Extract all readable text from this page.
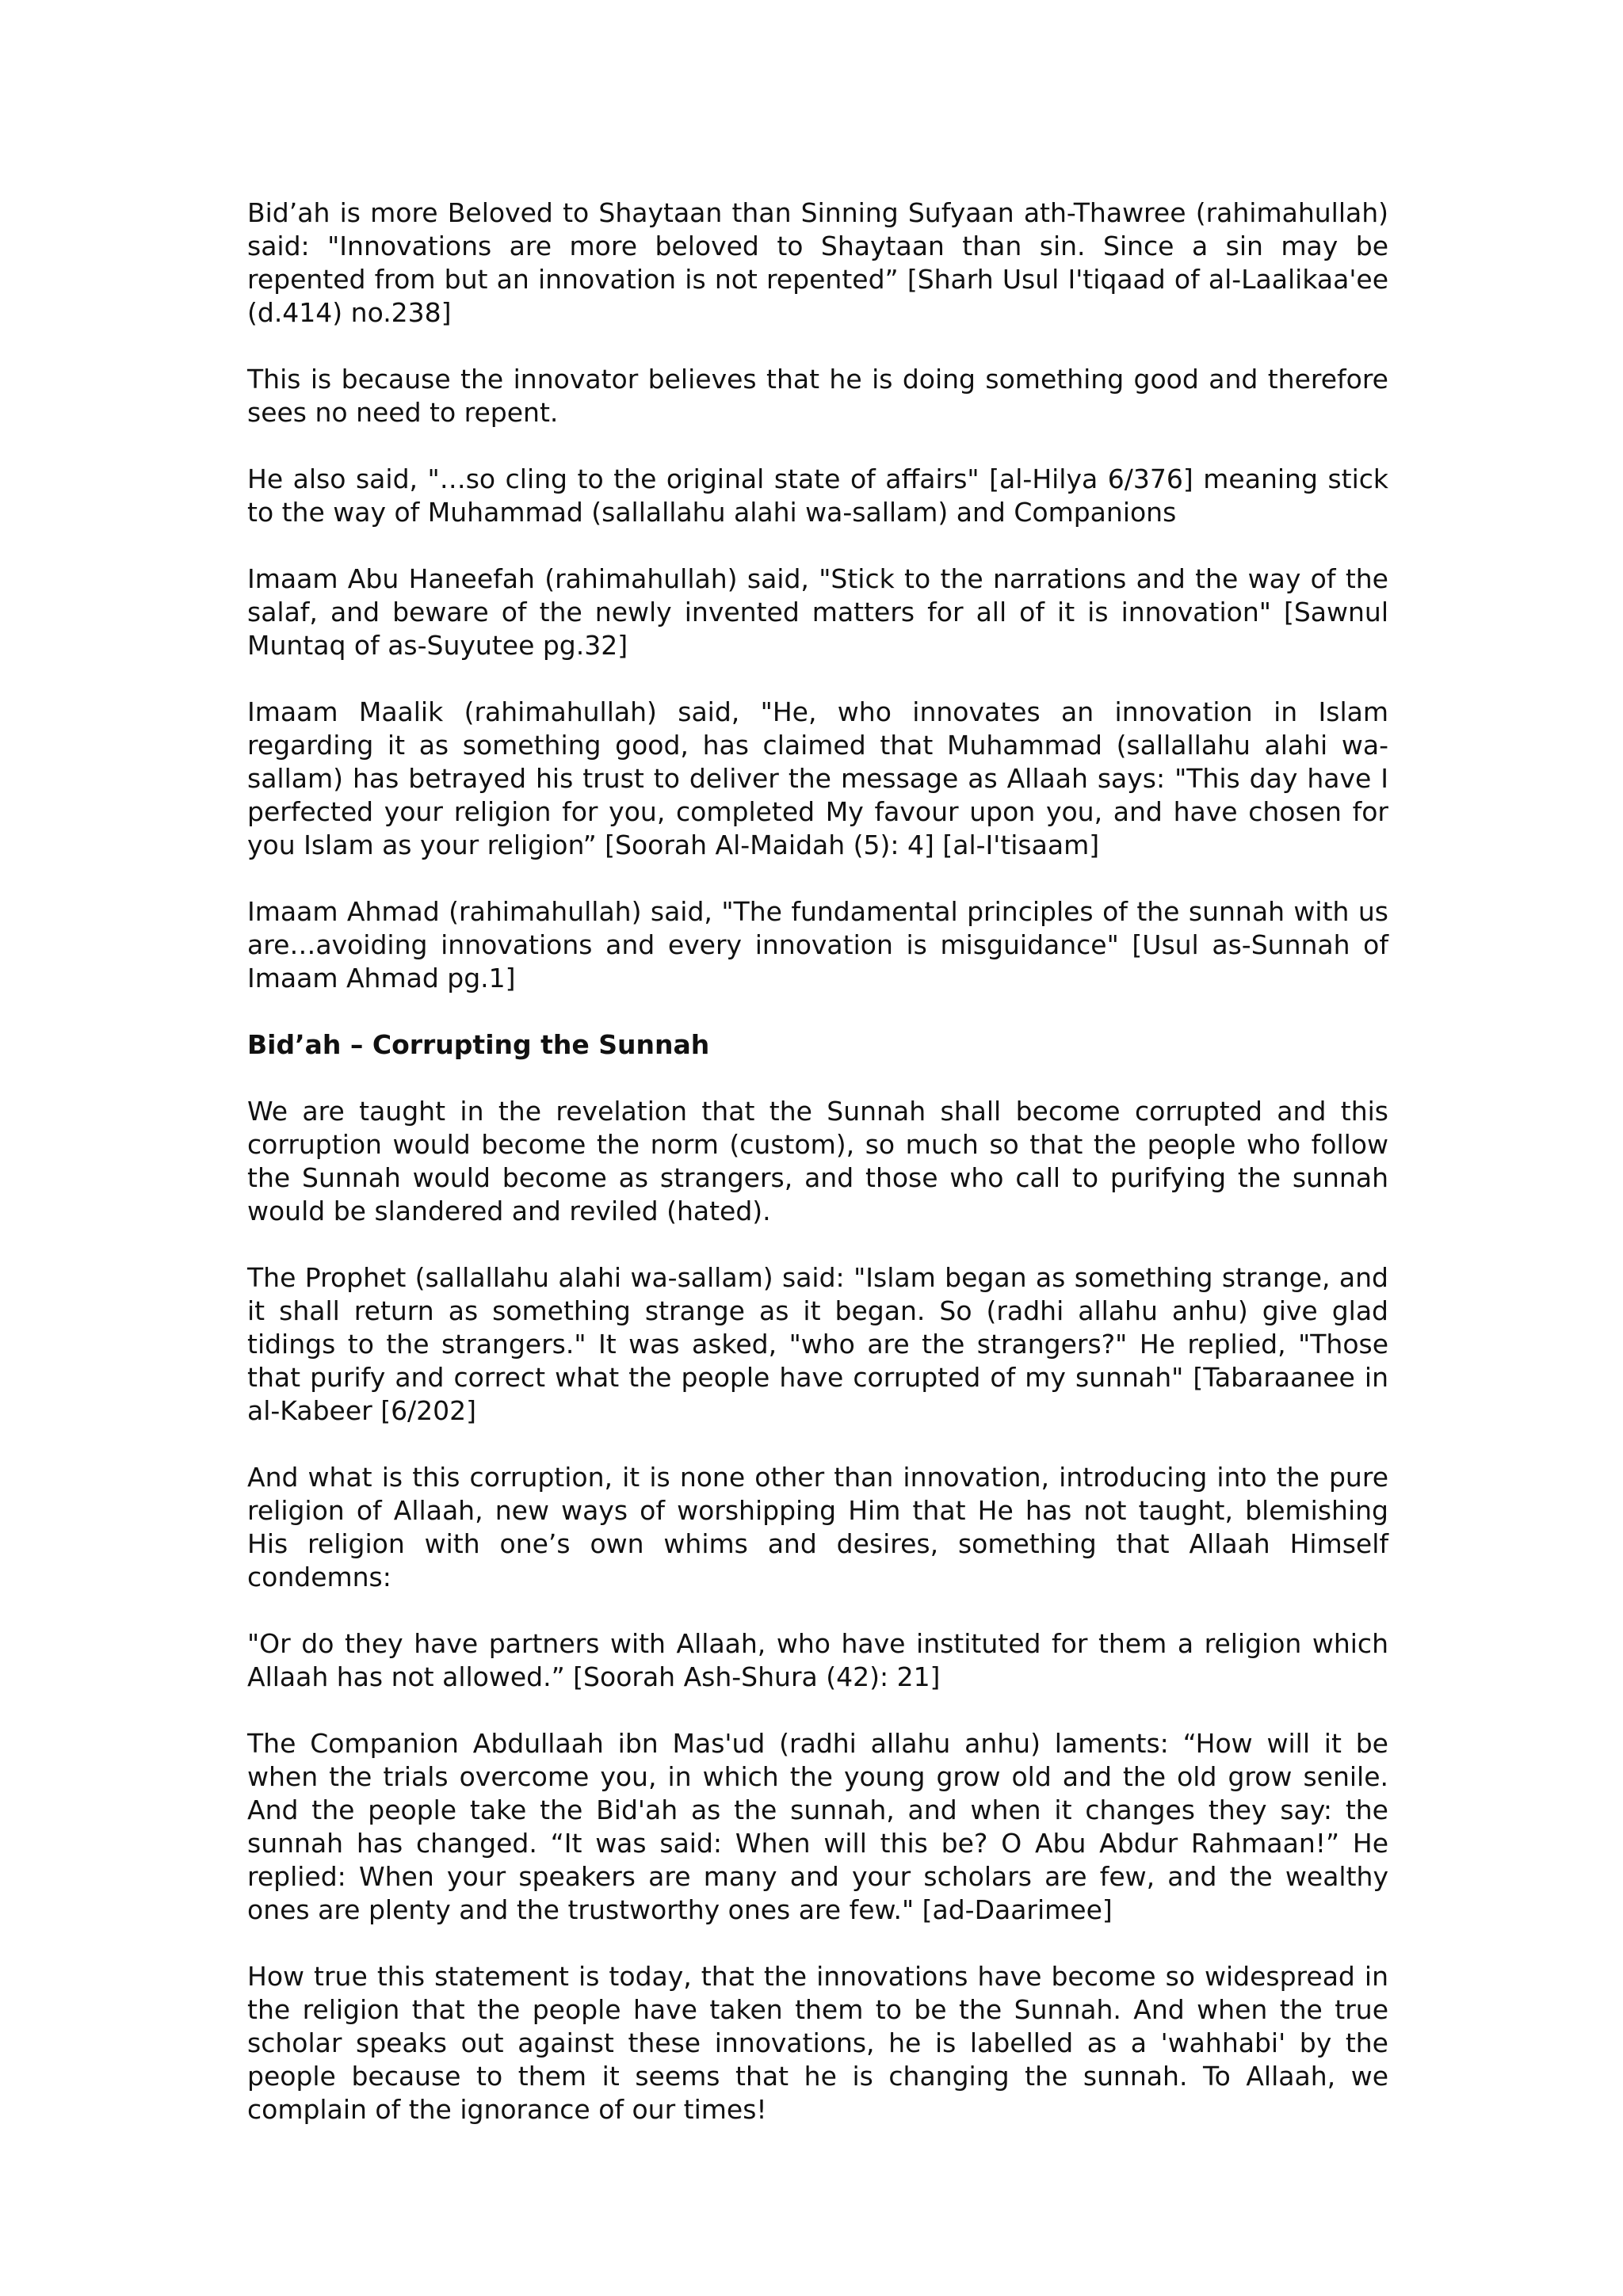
Bid’ah is more Beloved to Shaytaan than Sinning Sufyaan ath-Thawree (rahimahullah) said: "Innovations are more beloved to Shaytaan than sin. Since a sin may be repented from but an innovation is not repented” [Sharh Usul I'tiqaad of al-Laalikaa'ee (d.414) no.238]

This is because the innovator believes that he is doing something good and therefore sees no need to repent.

He also said, "…so cling to the original state of affairs" [al-Hilya 6/376] meaning stick to the way of Muhammad (sallallahu alahi wa-sallam) and Companions

Imaam Abu Haneefah (rahimahullah) said, "Stick to the narrations and the way of the salaf, and beware of the newly invented matters for all of it is innovation" [Sawnul Muntaq of as-Suyutee pg.32]

Imaam Maalik (rahimahullah) said, "He, who innovates an innovation in Islam regarding it as something good, has claimed that Muhammad (sallallahu alahi wa-sallam) has betrayed his trust to deliver the message as Allaah says: "This day have I perfected your religion for you, completed My favour upon you, and have chosen for you Islam as your religion” [Soorah Al-Maidah (5): 4] [al-I'tisaam]

Imaam Ahmad (rahimahullah) said, "The fundamental principles of the sunnah with us are…avoiding innovations and every innovation is misguidance" [Usul as-Sunnah of Imaam Ahmad pg.1]

Bid’ah – Corrupting the Sunnah

We are taught in the revelation that the Sunnah shall become corrupted and this corruption would become the norm (custom), so much so that the people who follow the Sunnah would become as strangers, and those who call to purifying the sunnah would be slandered and reviled (hated).

The Prophet (sallallahu alahi wa-sallam) said: "Islam began as something strange, and it shall return as something strange as it began. So (radhi allahu anhu) give glad tidings to the strangers." It was asked, "who are the strangers?" He replied, "Those that purify and correct what the people have corrupted of my sunnah" [Tabaraanee in al-Kabeer [6/202]

And what is this corruption, it is none other than innovation, introducing into the pure religion of Allaah, new ways of worshipping Him that He has not taught, blemishing His religion with one’s own whims and desires, something that Allaah Himself condemns:

"Or do they have partners with Allaah, who have instituted for them a religion which Allaah has not allowed.” [Soorah Ash-Shura (42): 21]

The Companion Abdullaah ibn Mas'ud (radhi allahu anhu) laments: “How will it be when the trials overcome you, in which the young grow old and the old grow senile. And the people take the Bid'ah as the sunnah, and when it changes they say: the sunnah has changed. “It was said: When will this be? O Abu Abdur Rahmaan!” He replied: When your speakers are many and your scholars are few, and the wealthy ones are plenty and the trustworthy ones are few." [ad-Daarimee]

How true this statement is today, that the innovations have become so widespread in the religion that the people have taken them to be the Sunnah. And when the true scholar speaks out against these innovations, he is labelled as a 'wahhabi' by the people because to them it seems that he is changing the sunnah. To Allaah, we complain of the ignorance of our times!
